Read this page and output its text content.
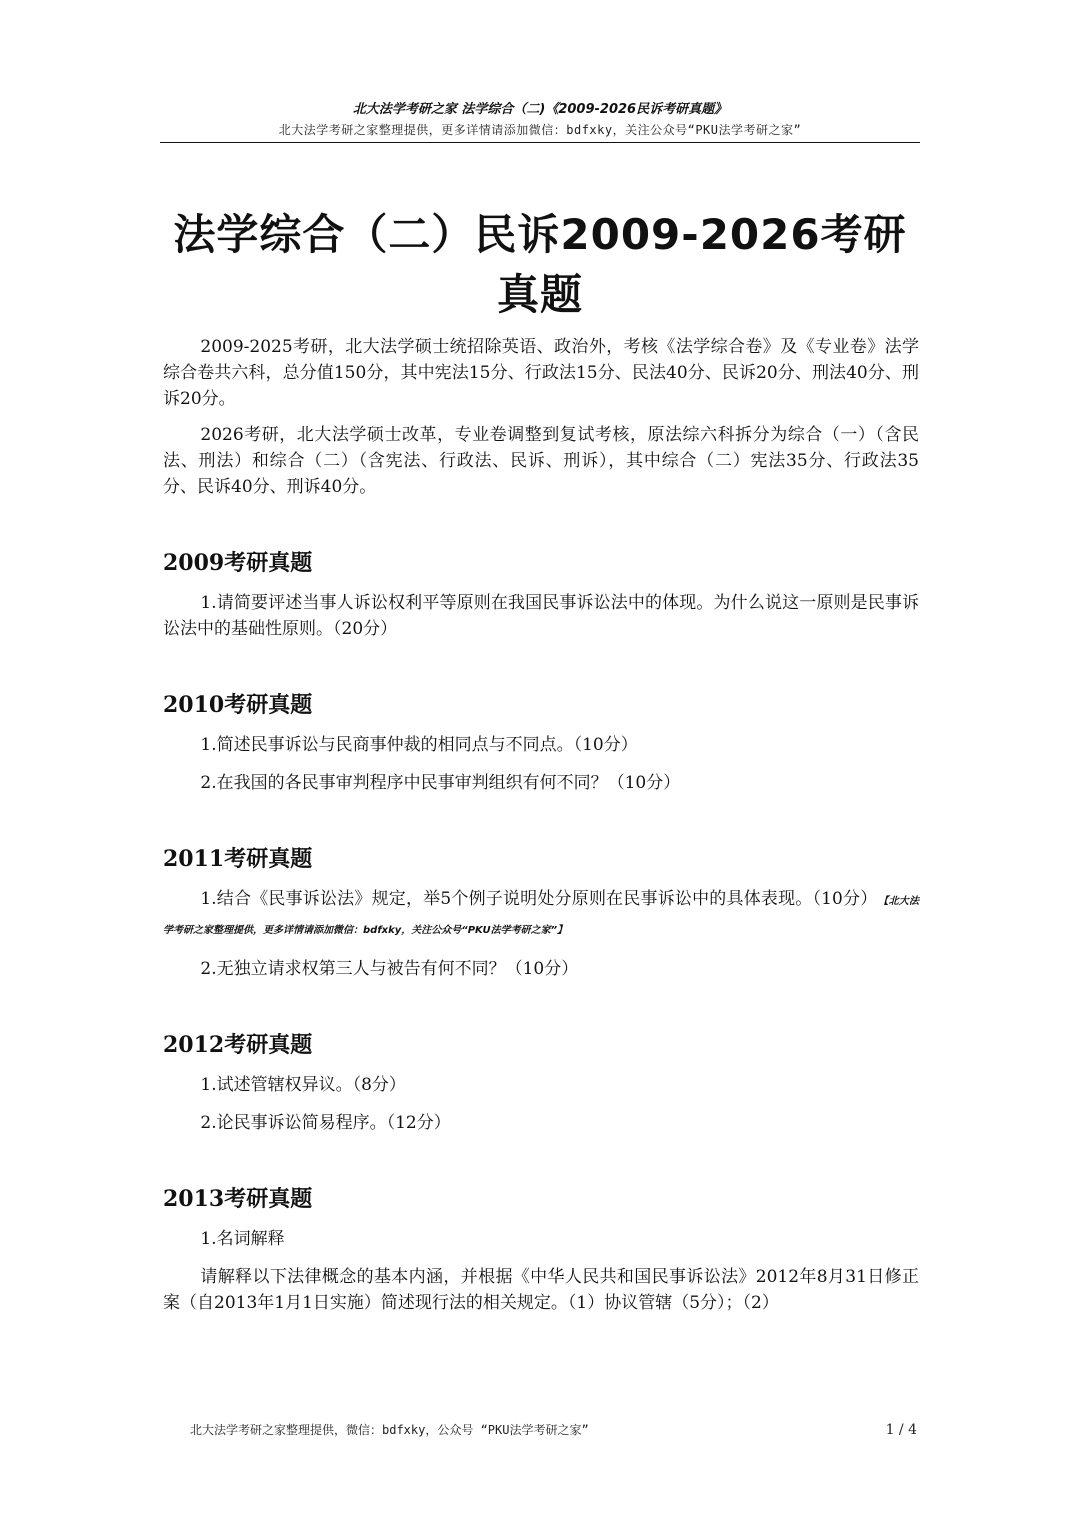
北大法学考研之家 法学综合（二)《2009-2026民诉考研真题》
北大法学考研之家整理提供，更多详情请添加微信：bdfxky，关注公众号“PKU法学考研之家”
法学综合（二）民诉2009-2026考研真题

2009-2025考研，北大法学硕士统招除英语、政治外，考核《法学综合卷》及《专业卷》法学综合卷共六科，总分值150分，其中宪法15分、行政法15分、民法40分、民诉20分、刑法40分、刑诉20分。

2026考研，北大法学硕士改革，专业卷调整到复试考核，原法综六科拆分为综合（一）（含民法、刑法）和综合（二）（含宪法、行政法、民诉、刑诉），其中综合（二）宪法35分、行政法35分、民诉40分、刑诉40分。

2009考研真题

1.请简要评述当事人诉讼权利平等原则在我国民事诉讼法中的体现。为什么说这一原则是民事诉讼法中的基础性原则。（20分）

2010考研真题

1.简述民事诉讼与民商事仲裁的相同点与不同点。（10分）

2.在我国的各民事审判程序中民事审判组织有何不同？（10分）

2011考研真题

1.结合《民事诉讼法》规定，举5个例子说明处分原则在民事诉讼中的具体表现。（10分） 【北大法学考研之家整理提供，更多详情请添加微信：bdfxky，关注公众号“PKU法学考研之家”】

2.无独立请求权第三人与被告有何不同？（10分）

2012考研真题

1.试述管辖权异议。（8分）

2.论民事诉讼简易程序。（12分）

2013考研真题

1.名词解释

请解释以下法律概念的基本内涵，并根据《中华人民共和国民事诉讼法》2012年8月31日修正案（自2013年1月1日实施）简述现行法的相关规定。（1）协议管辖（5分）；（2）

北大法学考研之家整理提供，微信：bdfxky，公众号 “PKU法学考研之家”	1 / 4
